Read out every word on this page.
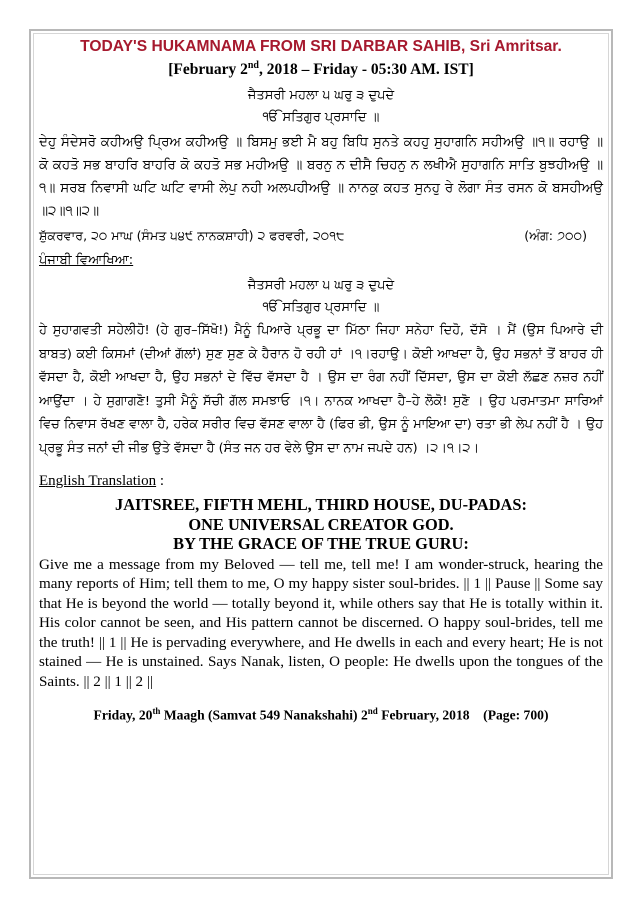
TODAY'S HUKAMNAMA FROM SRI DARBAR SAHIB, Sri Amritsar.

[February 2nd, 2018 – Friday - 05:30 AM. IST]

ਜੈਤਸਰੀ ਮਹਲਾ ੫ ਘਰੁ ੩ ਦੁਪਦੇ

ੴ ਸਤਿਗੁਰ ਪ੍ਰਸਾਦਿ ॥

ਦੇਹੁ ਸੰਦੇਸਰੋ ਕਹੀਅਉ ਪ੍ਰਿਅ ਕਹੀਅਉ ॥ ਬਿਸਮੁ ਭਈ ਮੈ ਬਹੁ ਬਿਧਿ ਸੁਨਤੇ ਕਹਹੁ ਸੁਹਾਗਨਿ ਸਹੀਅਉ ॥੧॥ ਰਹਾਉ ॥ ਕੋ ਕਹਤੋ ਸਭ ਬਾਹਰਿ ਬਾਹਰਿ ਕੋ ਕਹਤੋ ਸਭ ਮਹੀਅਉ ॥ ਬਰਨੁ ਨ ਦੀਸੈ ਚਿਹਨੁ ਨ ਲਖੀਐ ਸੁਹਾਗਨਿ ਸਾਤਿ ਬੁਝਹੀਅਉ ॥੧॥ ਸਰਬ ਨਿਵਾਸੀ ਘਟਿ ਘਟਿ ਵਾਸੀ ਲੇਪੁ ਨਹੀ ਅਲਪਹੀਅਉ ॥ ਨਾਨਕੁ ਕਹਤ ਸੁਨਹੁ ਰੇ ਲੋਗਾ ਸੰਤ ਰਸਨ ਕੋ ਬਸਹੀਅਉ ॥੨॥੧॥੨॥

ਸ਼ੁੱਕਰਵਾਰ, ੨੦ ਮਾਘ (ਸੰਮਤ ੫੪੯ ਨਾਨਕਸ਼ਾਹੀ) ੨ ਫਰਵਰੀ, ੨੦੧੮	(ਅੰਗ: ੭੦੦)

ਪੰਜਾਬੀ ਵਿਆਖਿਆ:

ਜੈਤਸਰੀ ਮਹਲਾ ੫ ਘਰੁ ੩ ਦੁਪਦੇ

ੴ ਸਤਿਗੁਰ ਪ੍ਰਸਾਦਿ ॥

ਹੇ ਸੁਹਾਗਵਤੀ ਸਹੇਲੀਹੋ! (ਹੇ ਗੁਰ–ਸਿੱਖੋ!) ਮੈਨੂੰ ਪਿਆਰੇ ਪ੍ਰਭੂ ਦਾ ਮਿੱਠਾ ਜਿਹਾ ਸਨੇਹਾ ਦਿਹੋ, ਦੱਸੋ । ਮੈਂ (ਉਸ ਪਿਆਰੇ ਦੀ ਬਾਬਤ) ਕਈ ਕਿਸਮਾਂ (ਦੀਆਂ ਗੱਲਾਂ) ਸੁਣ ਸੁਣ ਕੇ ਹੈਰਾਨ ਹੋ ਰਹੀ ਹਾਂ ।੧।ਰਹਾਉ। ਕੋਈ ਆਖਦਾ ਹੈ, ਉਹ ਸਭਨਾਂ ਤੋਂ ਬਾਹਰ ਹੀ ਵੱਸਦਾ ਹੈ, ਕੋਈ ਆਖਦਾ ਹੈ, ਉਹ ਸਭਨਾਂ ਦੇ ਵਿੱਚ ਵੱਸਦਾ ਹੈ । ਉਸ ਦਾ ਰੰਗ ਨਹੀਂ ਦਿੱਸਦਾ, ਉਸ ਦਾ ਕੋਈ ਲੱਛਣ ਨਜ਼ਰ ਨਹੀਂ ਆਉਂਦਾ । ਹੇ ਸੁਗਾਗਣੋ! ਤੁਸੀ ਮੈਨੂੰ ਸੱਚੀ ਗੱਲ ਸਮਝਾਓ ।੧। ਨਾਨਕ ਆਖਦਾ ਹੈ–ਹੇ ਲੋਕੋ! ਸੁਣੋ । ਉਹ ਪਰਮਾਤਮਾ ਸਾਰਿਆਂ ਵਿਚ ਨਿਵਾਸ ਰੱਖਣ ਵਾਲਾ ਹੈ, ਹਰੇਕ ਸਰੀਰ ਵਿਚ ਵੱਸਣ ਵਾਲਾ ਹੈ (ਫਿਰ ਭੀ, ਉਸ ਨੂੰ ਮਾਇਆ ਦਾ) ਰਤਾ ਭੀ ਲੇਪ ਨਹੀਂ ਹੈ । ਉਹ ਪ੍ਰਭੂ ਸੰਤ ਜਨਾਂ ਦੀ ਜੀਭ ਉਤੇ ਵੱਸਦਾ ਹੈ (ਸੰਤ ਜਨ ਹਰ ਵੇਲੇ ਉਸ ਦਾ ਨਾਮ ਜਪਦੇ ਹਨ) ।੨।੧।੨।

English Translation :

JAITSREE, FIFTH MEHL, THIRD HOUSE, DU-PADAS:

ONE UNIVERSAL CREATOR GOD.

BY THE GRACE OF THE TRUE GURU:

Give me a message from my Beloved — tell me, tell me! I am wonder-struck, hearing the many reports of Him; tell them to me, O my happy sister soul-brides. || 1 || Pause || Some say that He is beyond the world — totally beyond it, while others say that He is totally within it. His color cannot be seen, and His pattern cannot be discerned. O happy soul-brides, tell me the truth! || 1 || He is pervading everywhere, and He dwells in each and every heart; He is not stained — He is unstained. Says Nanak, listen, O people: He dwells upon the tongues of the Saints. || 2 || 1 || 2 ||

Friday, 20th Maagh (Samvat 549 Nanakshahi) 2nd February, 2018 (Page: 700)
